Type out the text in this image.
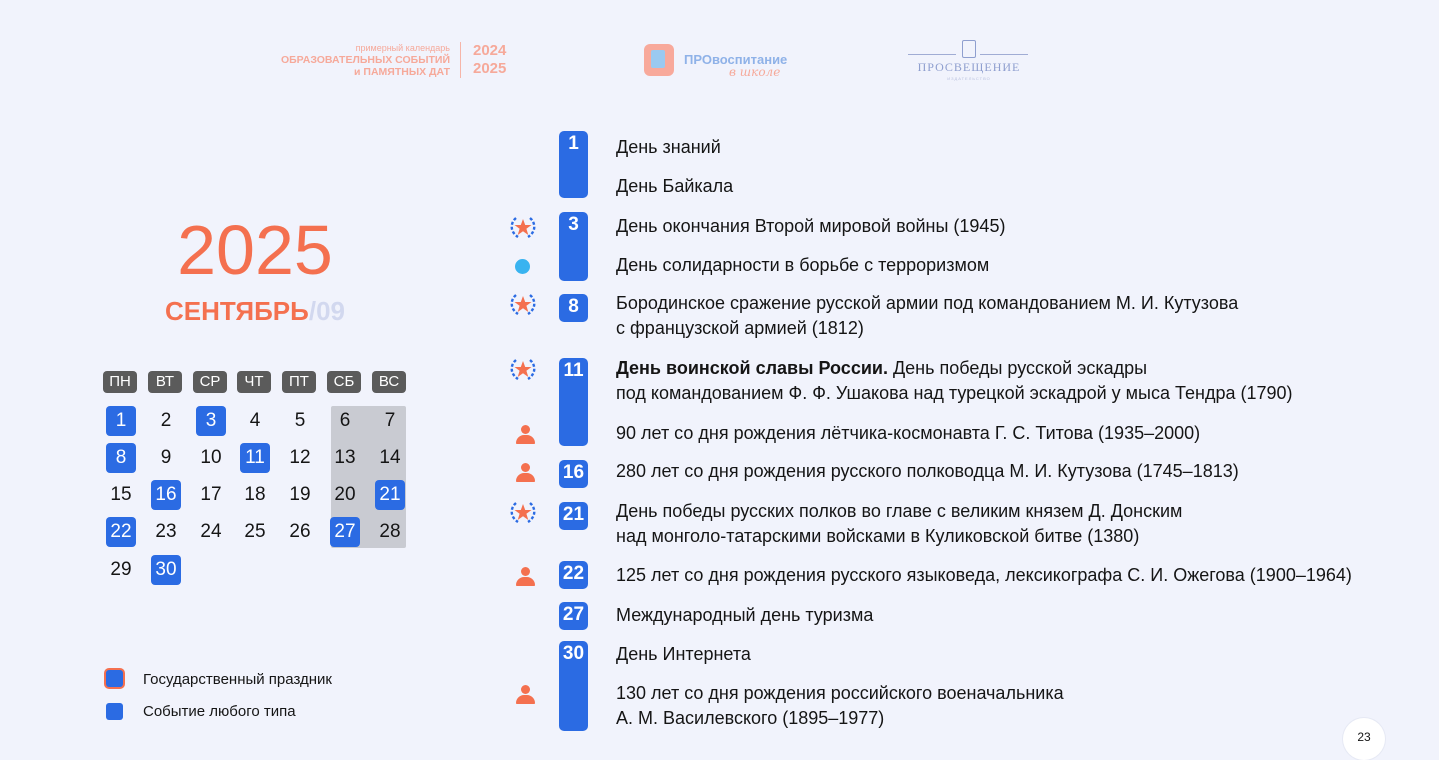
примерный календарь
ОБРАЗОВАТЕЛЬНЫХ СОБЫТИЙ
и ПАМЯТНЫХ ДАТ
2024
2025
ПРОвоспитание
в школе	ПРОСВЕЩЕНИЕ
ИЗДАТЕЛЬСТВО
2025
СЕНТЯБРЬ/09
ПН	ВТ	СР	ЧТ	ПТ	СБ	ВС
1	2	3	4	5	6	7
8	9	10 11 12 13 14
15 16 17 18 19 20 21
22 23 24 25 26 27 28
29 30
Государственный праздник
Событие любого типа
1	День знаний
День Байкала
3	День окончания Второй мировой войны (1945)
День солидарности в борьбе с терроризмом
8	Бородинское сражение русской армии под командованием М. И. Кутузова
с французской армией (1812)
11 День воинской славы России. День победы русской эскадры
под командованием Ф. Ф. Ушакова над турецкой эскадрой у мыса Тендра (1790)
90 лет со дня рождения лётчика-космонавта Г. С. Титова (1935–2000)
16 280 лет со дня рождения русского полководца М. И. Кутузова (1745–1813)
21 День победы русских полков во главе с великим князем Д. Донским
над монголо-татарскими войсками в Куликовской битве (1380)
22 125 лет со дня рождения русского языковеда, лексикографа С. И. Ожегова (1900–1964)
27 Международный день туризма
30 День Интернета
130 лет со дня рождения российского военачальника
А. М. Василевского (1895–1977)
23
